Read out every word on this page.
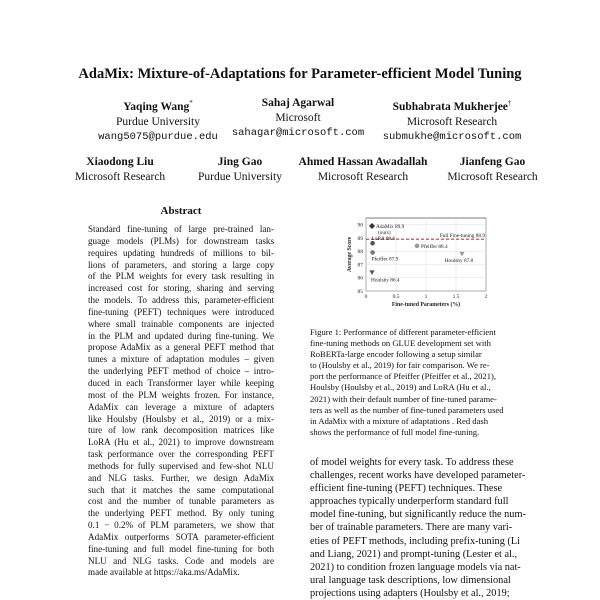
AdaMix: Mixture-of-Adaptations for Parameter-efficient Model Tuning
Yaqing Wang*
Purdue University
wang5075@purdue.edu
Sahaj Agarwal
Microsoft
sahagar@microsoft.com
Subhabrata Mukherjee†
Microsoft Research
submukhe@microsoft.com
Xiaodong Liu
Microsoft Research
Jing Gao
Purdue University
Ahmed Hassan Awadallah
Microsoft Research
Jianfeng Gao
Microsoft Research
Abstract
Standard fine-tuning of large pre-trained lan-
guage models (PLMs) for downstream tasks
requires updating hundreds of millions to bil-
lions of parameters, and storing a large copy
of the PLM weights for every task resulting in
increased cost for storing, sharing and serving
the models. To address this, parameter-efficient
fine-tuning (PEFT) techniques were introduced
where small trainable components are injected
in the PLM and updated during fine-tuning. We
propose AdaMix as a general PEFT method that
tunes a mixture of adaptation modules – given
the underlying PEFT method of choice – intro-
duced in each Transformer layer while keeping
most of the PLM weights frozen. For instance,
AdaMix can leverage a mixture of adapters
like Houlsby (Houlsby et al., 2019) or a mix-
ture of low rank decomposition matrices like
LoRA (Hu et al., 2021) to improve downstream
task performance over the corresponding PEFT
methods for fully supervised and few-shot NLU
and NLG tasks. Further, we design AdaMix
such that it matches the same computational
cost and the number of tunable parameters as
the underlying PEFT method. By only tuning
0.1 − 0.2% of PLM parameters, we show that
AdaMix outperforms SOTA parameter-efficient
fine-tuning and full model fine-tuning for both
NLU and NLG tasks. Code and models are
made available at https://aka.ms/AdaMix.
85
86
87
88
89
90
0	0.5	1	1.5	2
Fine-tuned Parameters (%)
Average Score
Full Fine-tuning 88.9
AdaMix 89.9
(ours)
LoRA 88.6
Pfeiffer 87.9
Pfeiffer 88.4
Houlsby 87.8
Houlsby 86.4
Figure 1: Performance of different parameter-efficient
fine-tuning methods on GLUE development set with
RoBERTa-large encoder following a setup similar
to (Houlsby et al., 2019) for fair comparison. We re-
port the performance of Pfeiffer (Pfeiffer et al., 2021),
Houlsby (Houlsby et al., 2019) and LoRA (Hu et al.,
2021) with their default number of fine-tuned parame-
ters as well as the number of fine-tuned parameters used
in AdaMix with a mixture of adaptations . Red dash
shows the performance of full model fine-tuning.
of model weights for every task. To address these
challenges, recent works have developed parameter-
efficient fine-tuning (PEFT) techniques. These
approaches typically underperform standard full
model fine-tuning, but significantly reduce the num-
ber of trainable parameters. There are many vari-
eties of PEFT methods, including prefix-tuning (Li
and Liang, 2021) and prompt-tuning (Lester et al.,
2021) to condition frozen language models via nat-
ural language task descriptions, low dimensional
projections using adapters (Houlsby et al., 2019;
